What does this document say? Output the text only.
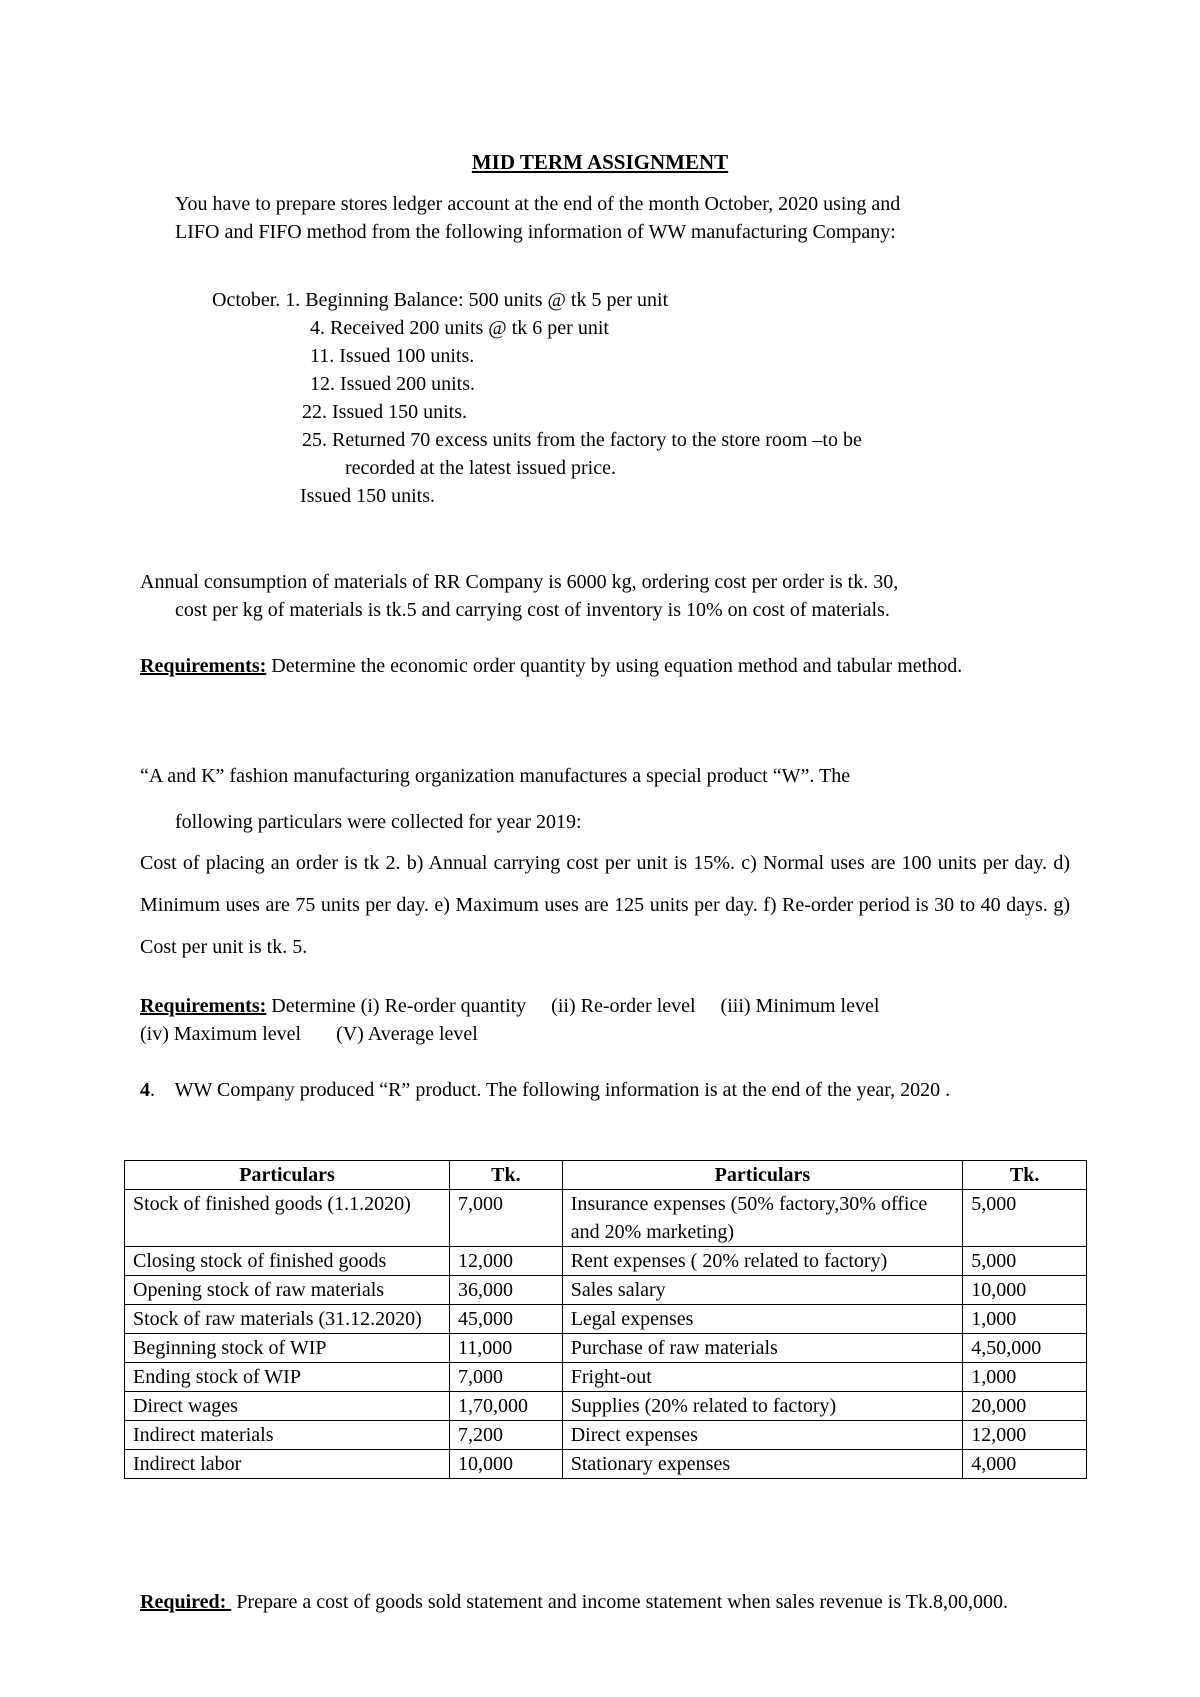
MID TERM ASSIGNMENT
You have to prepare stores ledger account at the end of the month October, 2020 using and
LIFO and FIFO method from the following information of WW manufacturing Company:
October. 1. Beginning Balance: 500 units @ tk 5 per unit
4. Received 200 units @ tk 6 per unit
11. Issued 100 units.
12. Issued 200 units.
22. Issued 150 units.
25. Returned 70 excess units from the factory to the store room –to be
recorded at the latest issued price.
Issued 150 units.
Annual consumption of materials of RR Company is 6000 kg, ordering cost per order is tk. 30,
cost per kg of materials is tk.5 and carrying cost of inventory is 10% on cost of materials.
Requirements: Determine the economic order quantity by using equation method and tabular method.
“A and K” fashion manufacturing organization manufactures a special product “W”. The
following particulars were collected for year 2019:
Cost of placing an order is tk 2. b) Annual carrying cost per unit is 15%. c) Normal uses are 100 units per day. d) Minimum uses are 75 units per day. e) Maximum uses are 125 units per day. f) Re-order period is 30 to 40 days. g) Cost per unit is tk. 5.
Requirements: Determine (i) Re-order quantity     (ii) Re-order level     (iii) Minimum level
(iv) Maximum level       (V) Average level
4.    WW Company produced “R” product. The following information is at the end of the year, 2020 .
Particulars	Tk.	Particulars	Tk.
Stock of finished goods (1.1.2020)	7,000	Insurance expenses (50% factory,30% office and 20% marketing)	5,000
Closing stock of finished goods	12,000	Rent expenses ( 20% related to factory)	5,000
Opening stock of raw materials	36,000	Sales salary	10,000
Stock of raw materials (31.12.2020)	45,000	Legal expenses	1,000
Beginning stock of WIP	11,000	Purchase of raw materials	4,50,000
Ending stock of WIP	7,000	Fright-out	1,000
Direct wages	1,70,000	Supplies (20% related to factory)	20,000
Indirect materials	7,200	Direct expenses	12,000
Indirect labor	10,000	Stationary expenses	4,000
Required:  Prepare a cost of goods sold statement and income statement when sales revenue is Tk.8,00,000.
